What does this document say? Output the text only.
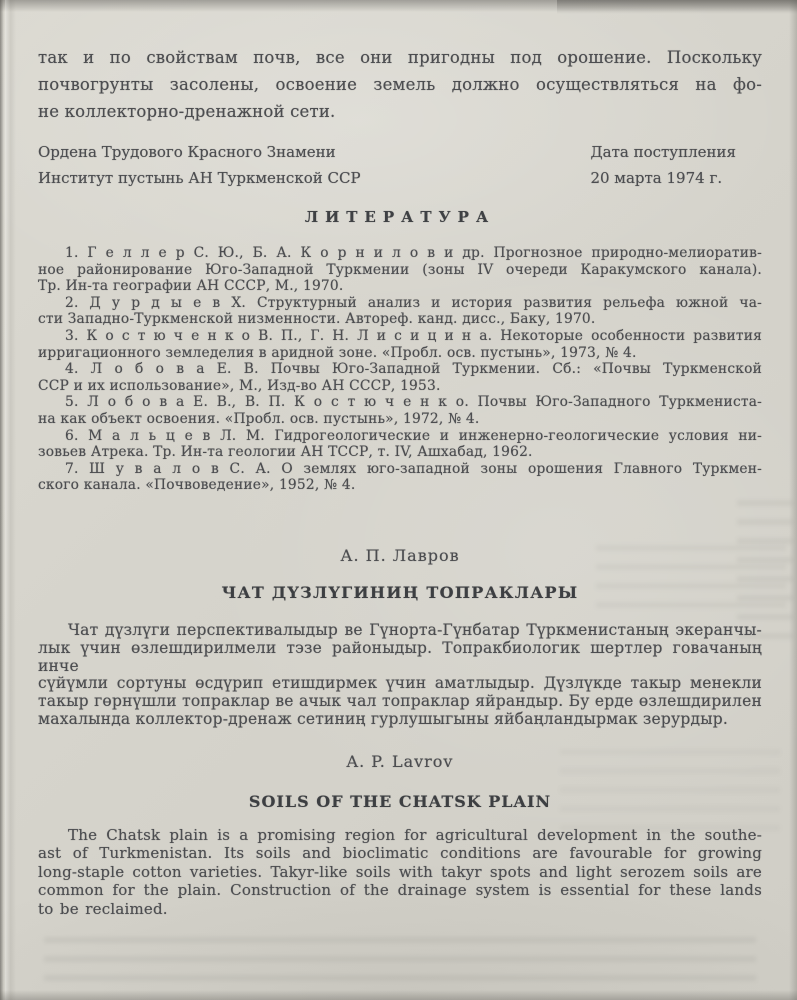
так и по свойствам почв, все они пригодны под орошение. Поскольку
почвогрунты засолены, освоение земель должно осуществляться на фо-
не коллекторно-дренажной сети.
Ордена Трудового Красного Знамени
Институт пустынь АН Туркменской ССР
Дата поступления
20 марта 1974 г.
ЛИТЕРАТУРА
1. Г е л л е р С. Ю., Б. А. К о р н и л о в и др. Прогнозное природно-мелиоратив-
ное районирование Юго-Западной Туркмении (зоны IV очереди Каракумского канала).
Тр. Ин-та географии АН СССР, М., 1970.
2. Д у р д ы е в Х. Структурный анализ и история развития рельефа южной ча-
сти Западно-Туркменской низменности. Автореф. канд. дисс., Баку, 1970.
3. К о с т ю ч е н к о В. П., Г. Н. Л и с и ц и н а. Некоторые особенности развития
ирригационного земледелия в аридной зоне. «Пробл. осв. пустынь», 1973, № 4.
4. Л о б о в а Е. В. Почвы Юго-Западной Туркмении. Сб.: «Почвы Туркменской
ССР и их использование», М., Изд-во АН СССР, 1953.
5. Л о б о в а Е. В., В. П. К о с т ю ч е н к о. Почвы Юго-Западного Туркмениста-
на как объект освоения. «Пробл. осв. пустынь», 1972, № 4.
6. М а л ь ц е в Л. М. Гидрогеологические и инженерно-геологические условия ни-
зовьев Атрека. Тр. Ин-та геологии АН ТССР, т. IV, Ашхабад, 1962.
7. Ш у в а л о в С. А. О землях юго-западной зоны орошения Главного Туркмен-
ского канала. «Почвоведение», 1952, № 4.
А. П. Лавров
ЧАТ ДҮЗЛҮГИНИҢ ТОПРАКЛАРЫ
Чат дүзлүги перспективалыдыр ве Гүнорта-Гүнбатар Түркменистаның экеранчы-
лык үчин өзлешдирилмели тэзе районыдыр. Топракбиологик шертлер говачаның инче
сүйүмли сортуны өсдүрип етишдирмек үчин аматлыдыр. Дүзлүкде такыр менекли
такыр гөрнүшли топраклар ве ачык чал топраклар яйрандыр. Бу ерде өзлешдирилен
махалында коллектор-дренаж сетиниң гурлушыгыны яйбаңландырмак зерурдыр.
A. P. Lavrov
SOILS OF THE CHATSK PLAIN
The Chatsk plain is a promising region for agricultural development in the southe-
ast of Turkmenistan. Its soils and bioclimatic conditions are favourable for growing
long-staple cotton varieties. Takyr-like soils with takyr spots and light serozem soils are
common for the plain. Construction of the drainage system is essential for these lands
to be reclaimed.
